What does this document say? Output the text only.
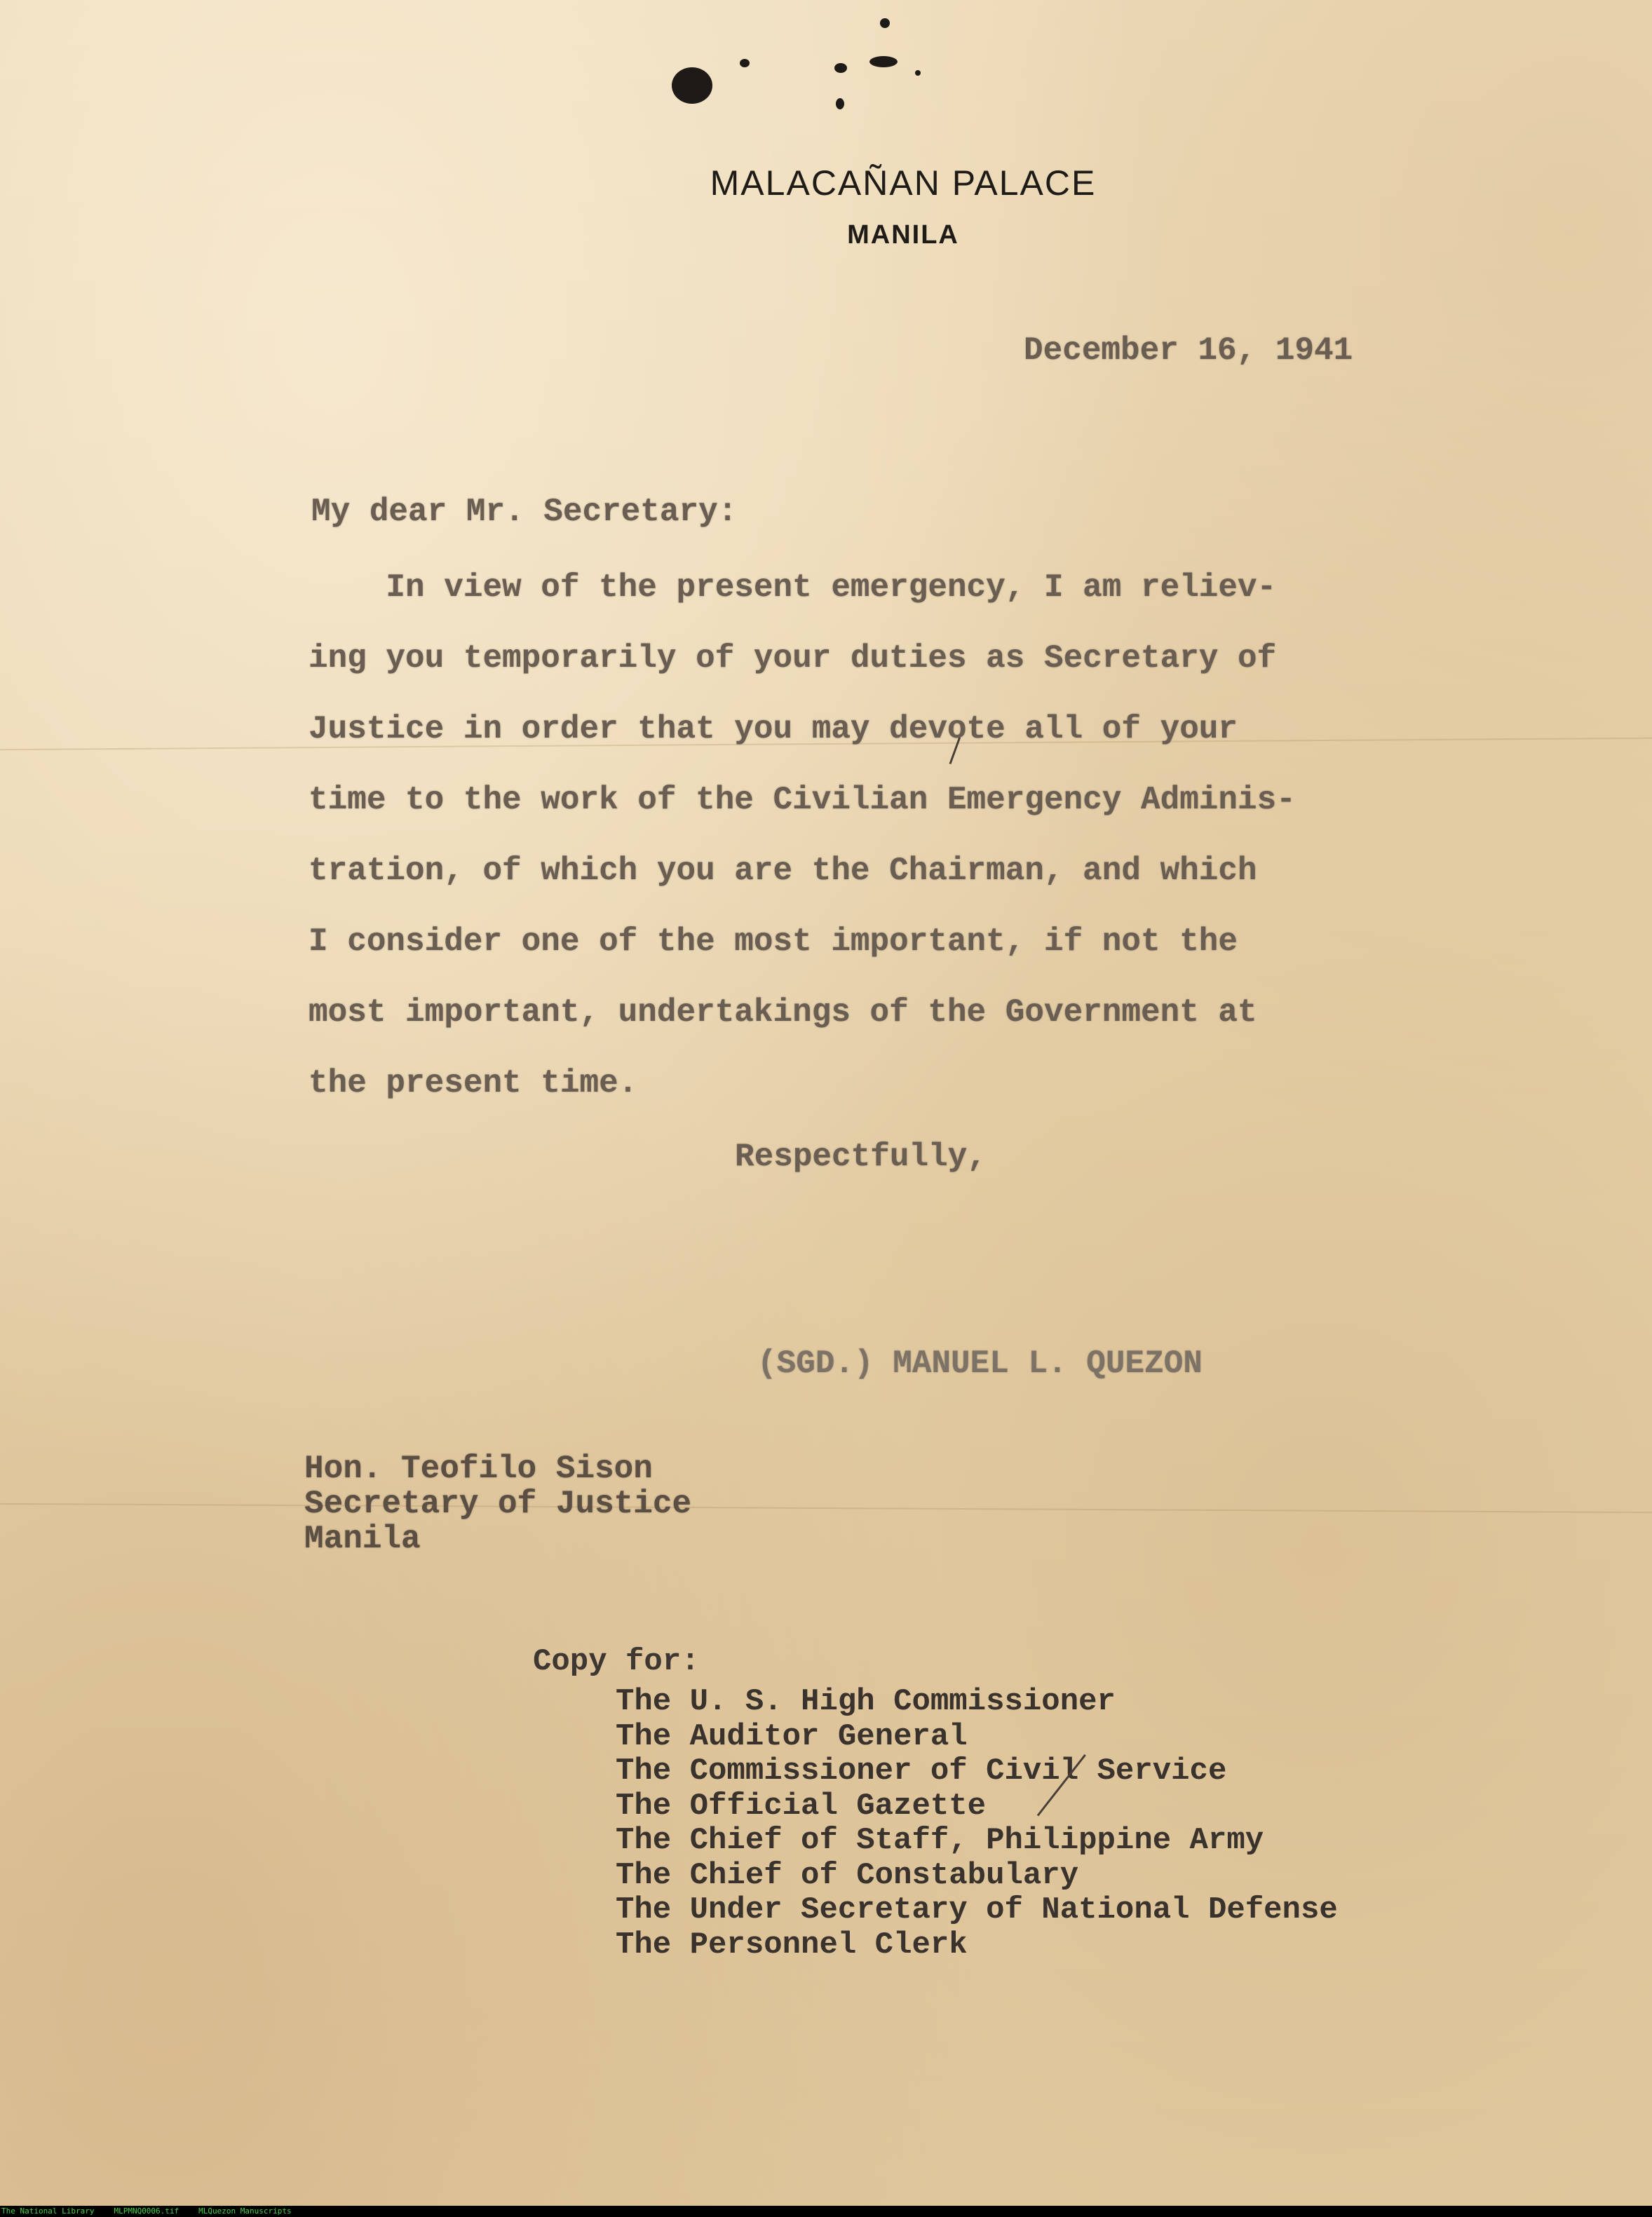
MALACAÑAN PALACE
MANILA
December 16, 1941
My dear Mr. Secretary:
In view of the present emergency, I am reliev-
ing you temporarily of your duties as Secretary of
Justice in order that you may devote all of your
time to the work of the Civilian Emergency Adminis-
tration, of which you are the Chairman, and which
I consider one of the most important, if not the
most important, undertakings of the Government at
the present time.
Respectfully,
(SGD.) MANUEL L. QUEZON
Hon. Teofilo Sison
Secretary of Justice
Manila
Copy for:
The U. S. High Commissioner
The Auditor General
The Commissioner of Civil Service
The Official Gazette
The Chief of Staff, Philippine Army
The Chief of Constabulary
The Under Secretary of National Defense
The Personnel Clerk
The National Library	MLPMNQ0006.tif	MLQuezon Manuscripts
